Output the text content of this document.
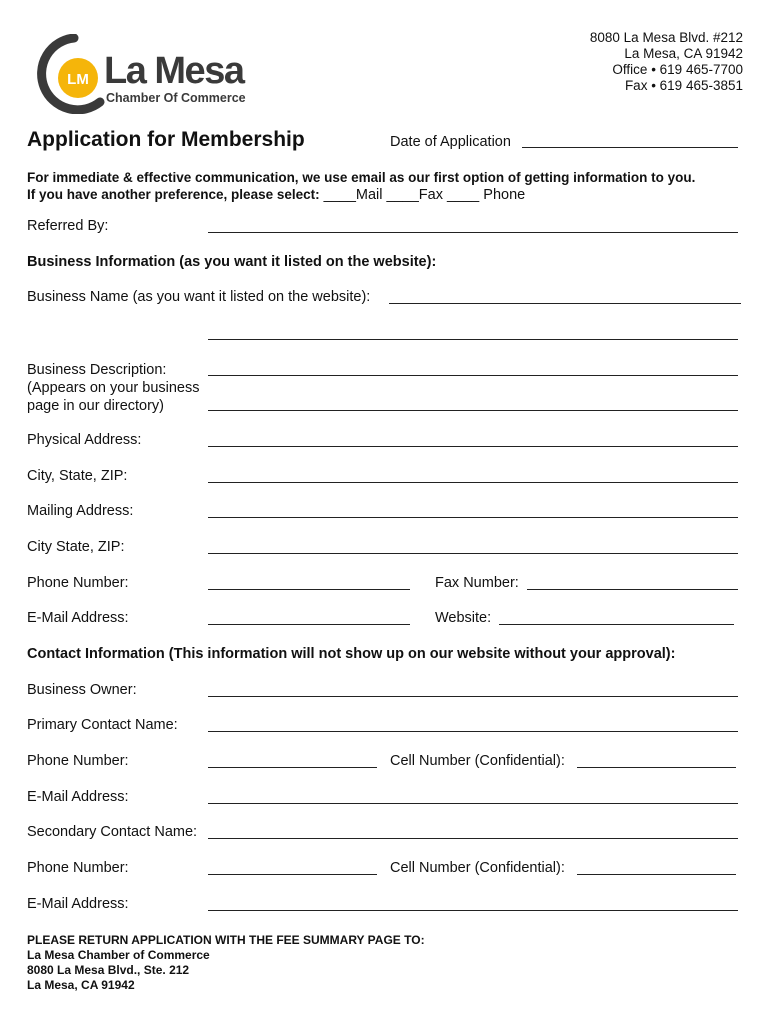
LM La Mesa
Chamber Of Commerce
8080 La Mesa Blvd. #212
La Mesa, CA 91942
Office • 619 465-7700
Fax • 619 465-3851
Application for Membership	Date of Application
For immediate & effective communication, we use email as our first option of getting information to you.
If you have another preference, please select: ____Mail ____Fax ____ Phone
Referred By:
Business Information (as you want it listed on the website):
Business Name (as you want it listed on the website):
Business Description:
(Appears on your business
page in our directory)
Physical Address:
City, State, ZIP:
Mailing Address:
City State, ZIP:
Phone Number:	Fax Number:
E-Mail Address:	Website:
Contact Information (This information will not show up on our website without your approval):
Business Owner:
Primary Contact Name:
Phone Number:	Cell Number (Confidential):
E-Mail Address:
Secondary Contact Name:
Phone Number:	Cell Number (Confidential):
E-Mail Address:
PLEASE RETURN APPLICATION WITH THE FEE SUMMARY PAGE TO:
La Mesa Chamber of Commerce
8080 La Mesa Blvd., Ste. 212
La Mesa, CA 91942
